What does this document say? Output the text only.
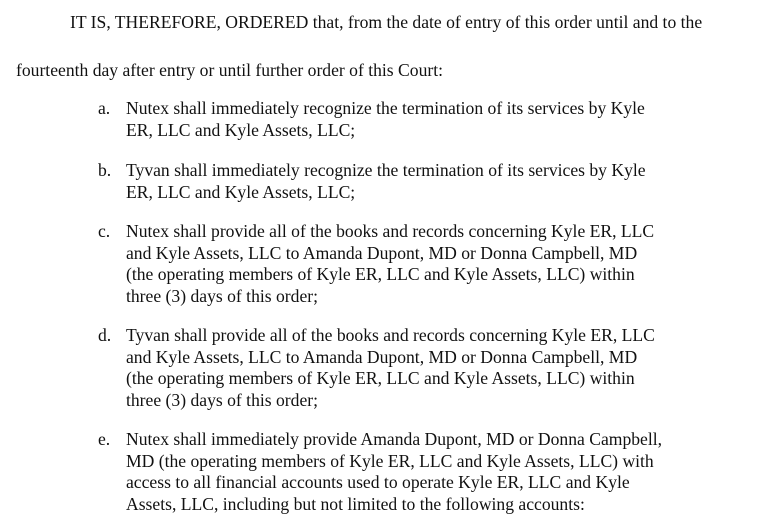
IT IS, THEREFORE, ORDERED that, from the date of entry of this order until and to the
fourteenth day after entry or until further order of this Court:
a. Nutex shall immediately recognize the termination of its services by Kyle
ER, LLC and Kyle Assets, LLC;
b. Tyvan shall immediately recognize the termination of its services by Kyle
ER, LLC and Kyle Assets, LLC;
c. Nutex shall provide all of the books and records concerning Kyle ER, LLC
and Kyle Assets, LLC to Amanda Dupont, MD or Donna Campbell, MD
(the operating members of Kyle ER, LLC and Kyle Assets, LLC) within
three (3) days of this order;
d. Tyvan shall provide all of the books and records concerning Kyle ER, LLC
and Kyle Assets, LLC to Amanda Dupont, MD or Donna Campbell, MD
(the operating members of Kyle ER, LLC and Kyle Assets, LLC) within
three (3) days of this order;
e. Nutex shall immediately provide Amanda Dupont, MD or Donna Campbell,
MD (the operating members of Kyle ER, LLC and Kyle Assets, LLC) with
access to all financial accounts used to operate Kyle ER, LLC and Kyle
Assets, LLC, including but not limited to the following accounts:
